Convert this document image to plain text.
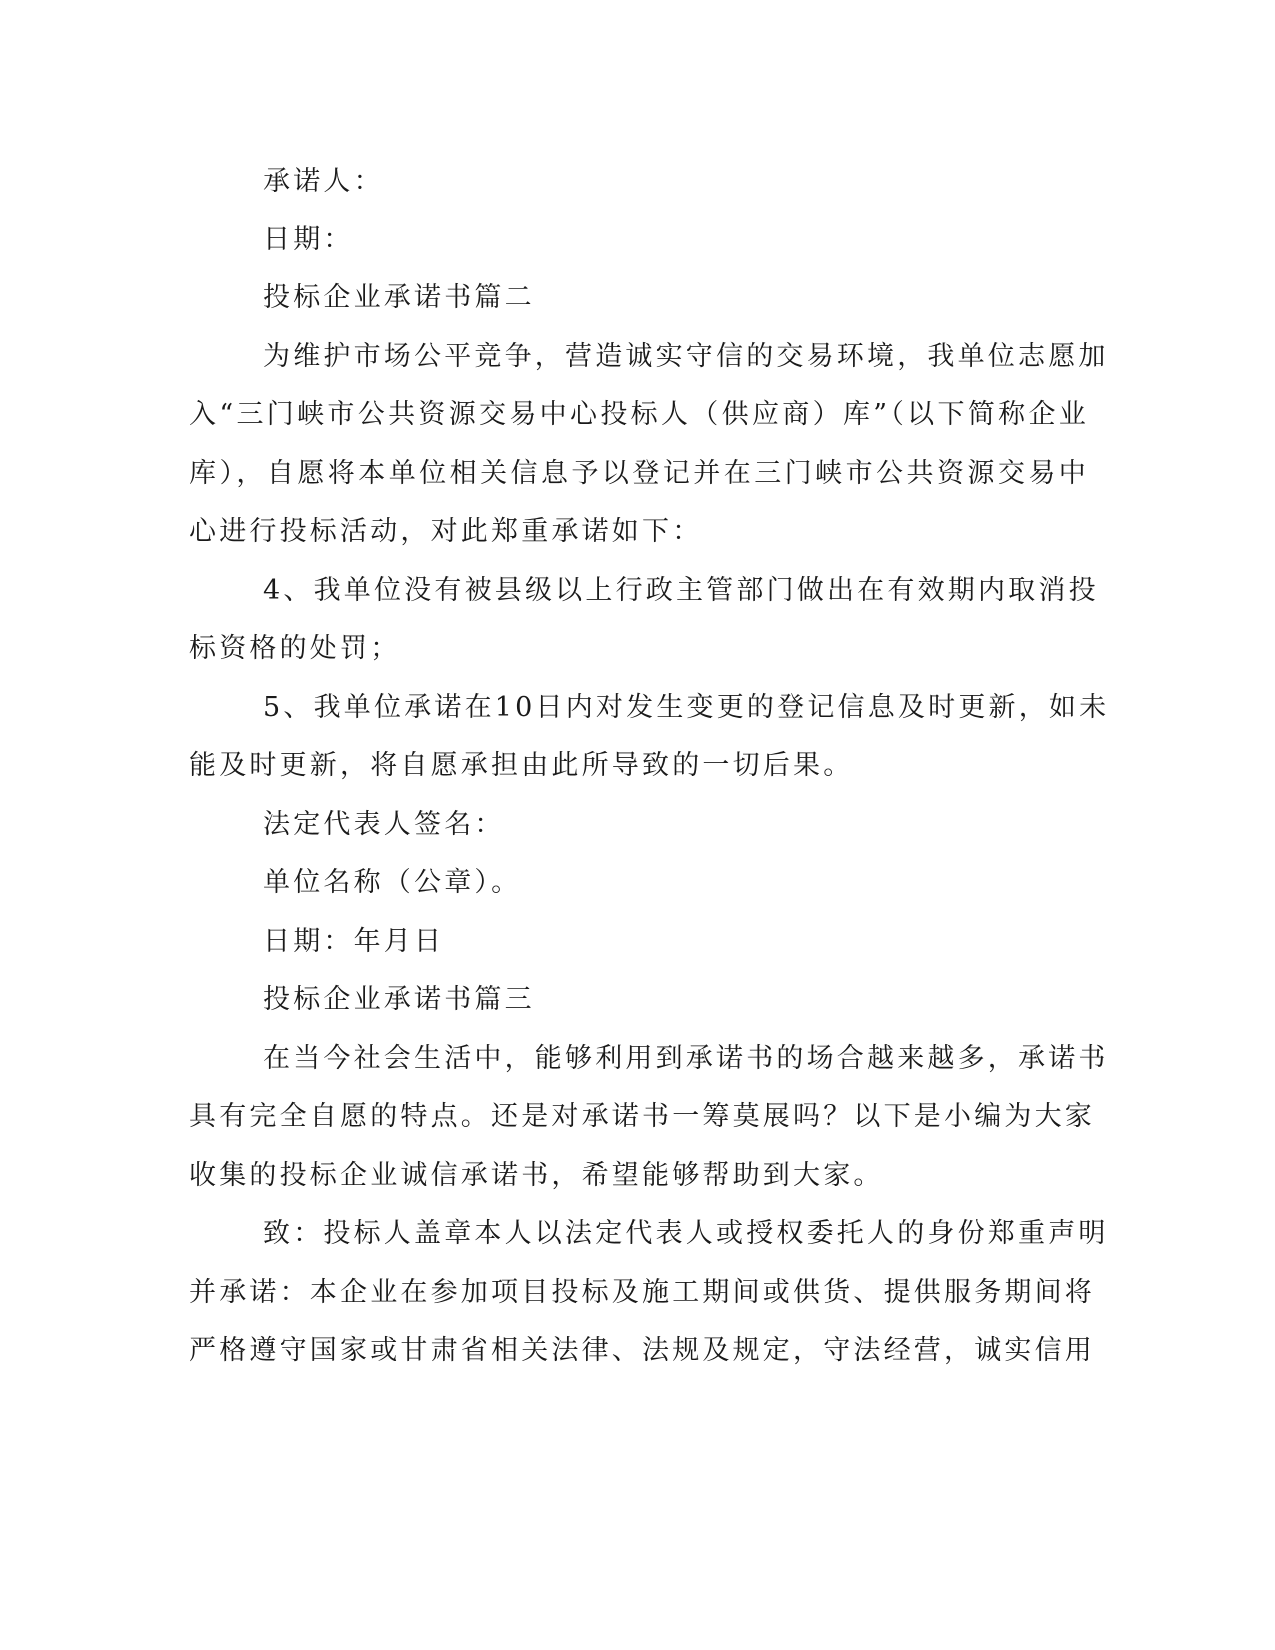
承诺人：
日期：
投标企业承诺书篇二
为维护市场公平竞争，营造诚实守信的交易环境，我单位志愿加
入“三门峡市公共资源交易中心投标人（供应商）库”（以下简称企业
库），自愿将本单位相关信息予以登记并在三门峡市公共资源交易中
心进行投标活动，对此郑重承诺如下：
4、我单位没有被县级以上行政主管部门做出在有效期内取消投
标资格的处罚；
5、我单位承诺在10日内对发生变更的登记信息及时更新，如未
能及时更新，将自愿承担由此所导致的一切后果。
法定代表人签名：
单位名称（公章）。
日期：年月日
投标企业承诺书篇三
在当今社会生活中，能够利用到承诺书的场合越来越多，承诺书
具有完全自愿的特点。还是对承诺书一筹莫展吗？以下是小编为大家
收集的投标企业诚信承诺书，希望能够帮助到大家。
致：投标人盖章本人以法定代表人或授权委托人的身份郑重声明
并承诺：本企业在参加项目投标及施工期间或供货、提供服务期间将
严格遵守国家或甘肃省相关法律、法规及规定，守法经营，诚实信用
